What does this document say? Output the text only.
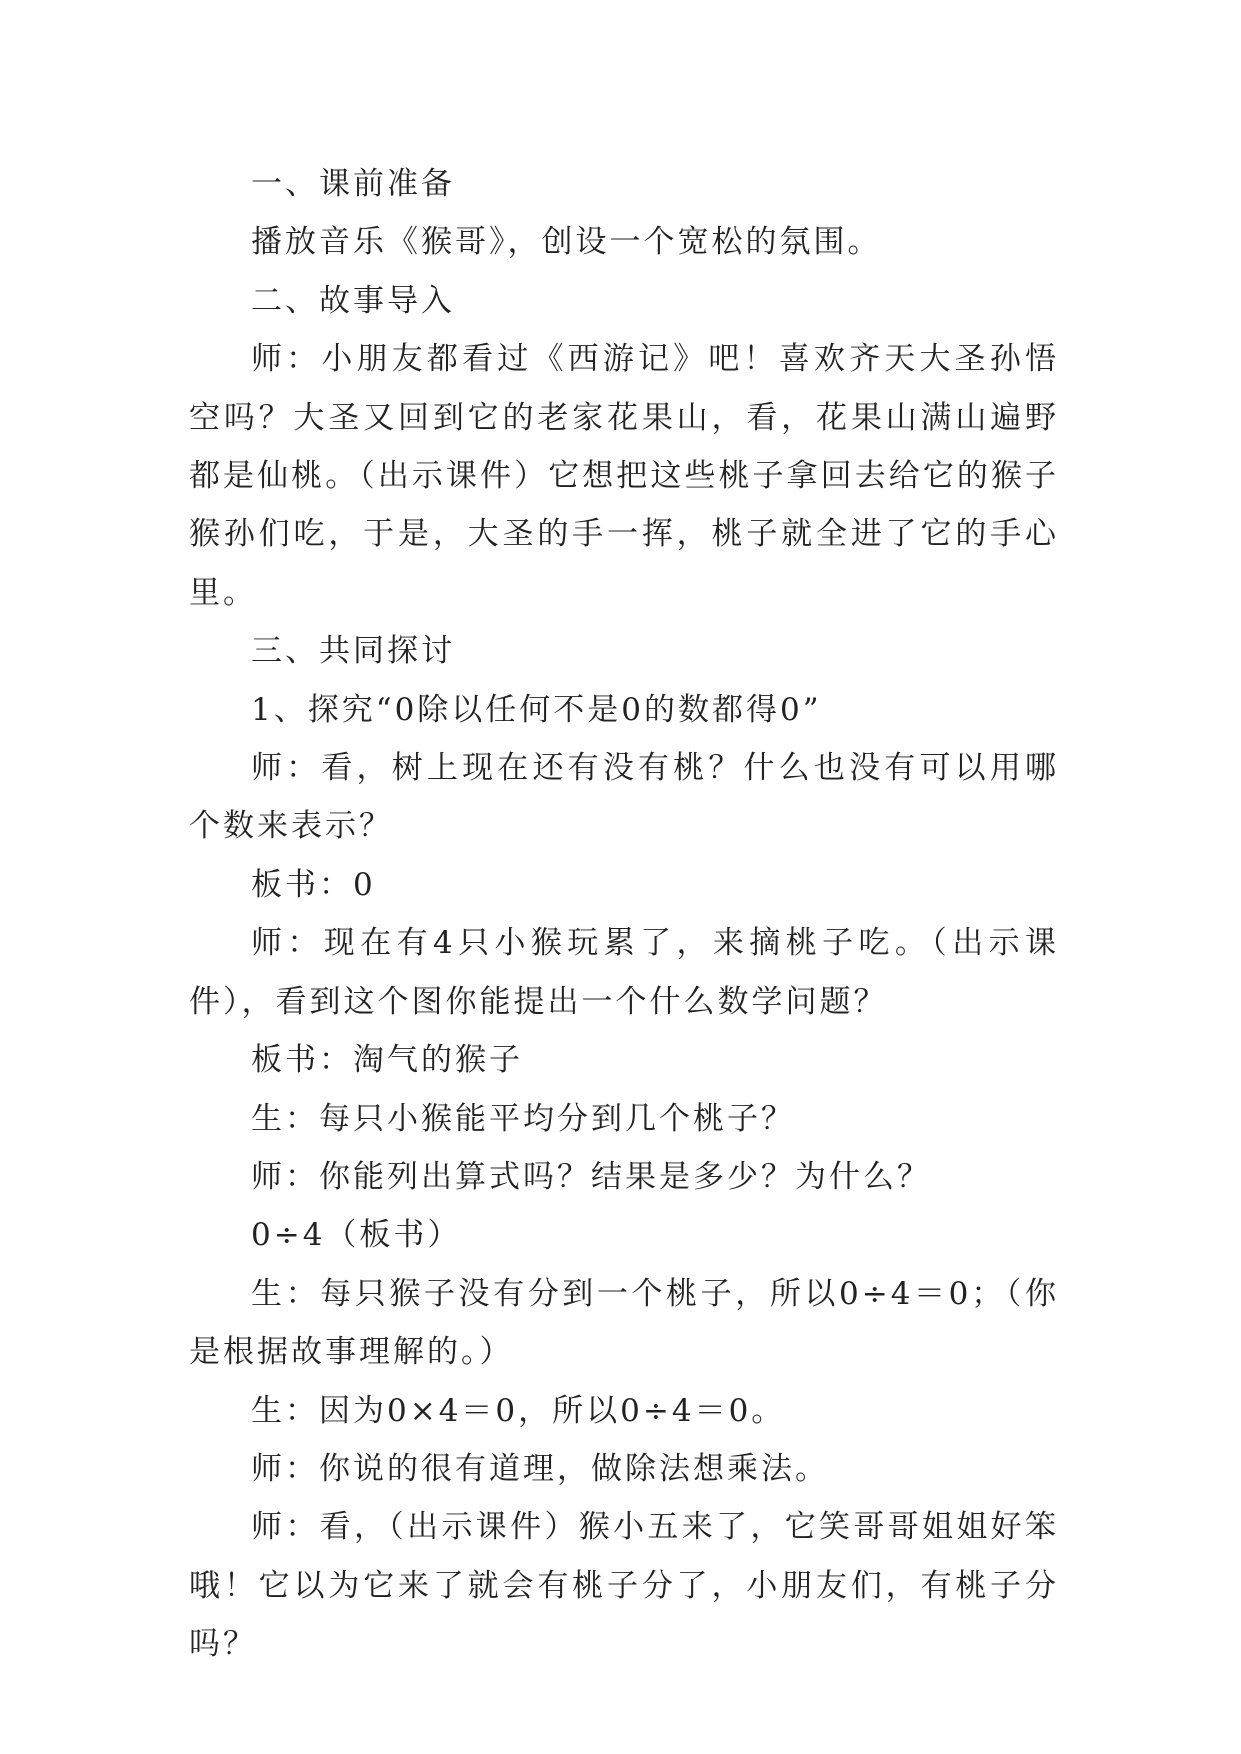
一、课前准备

播放音乐《猴哥》，创设一个宽松的氛围。

二、故事导入

师：小朋友都看过《西游记》吧！喜欢齐天大圣孙悟空吗？大圣又回到它的老家花果山，看，花果山满山遍野都是仙桃。（出示课件）它想把这些桃子拿回去给它的猴子猴孙们吃，于是，大圣的手一挥，桃子就全进了它的手心里。

三、共同探讨

1、探究“0除以任何不是0的数都得0”

师：看，树上现在还有没有桃？什么也没有可以用哪个数来表示？

板书：0

师：现在有4只小猴玩累了，来摘桃子吃。（出示课件），看到这个图你能提出一个什么数学问题？

板书：淘气的猴子

生：每只小猴能平均分到几个桃子？

师：你能列出算式吗？结果是多少？为什么？

0÷4（板书）

生：每只猴子没有分到一个桃子，所以0÷4＝0；（你是根据故事理解的。）

生：因为0×4＝0，所以0÷4＝0。

师：你说的很有道理，做除法想乘法。

师：看，（出示课件）猴小五来了，它笑哥哥姐姐好笨哦！它以为它来了就会有桃子分了，小朋友们，有桃子分吗？
